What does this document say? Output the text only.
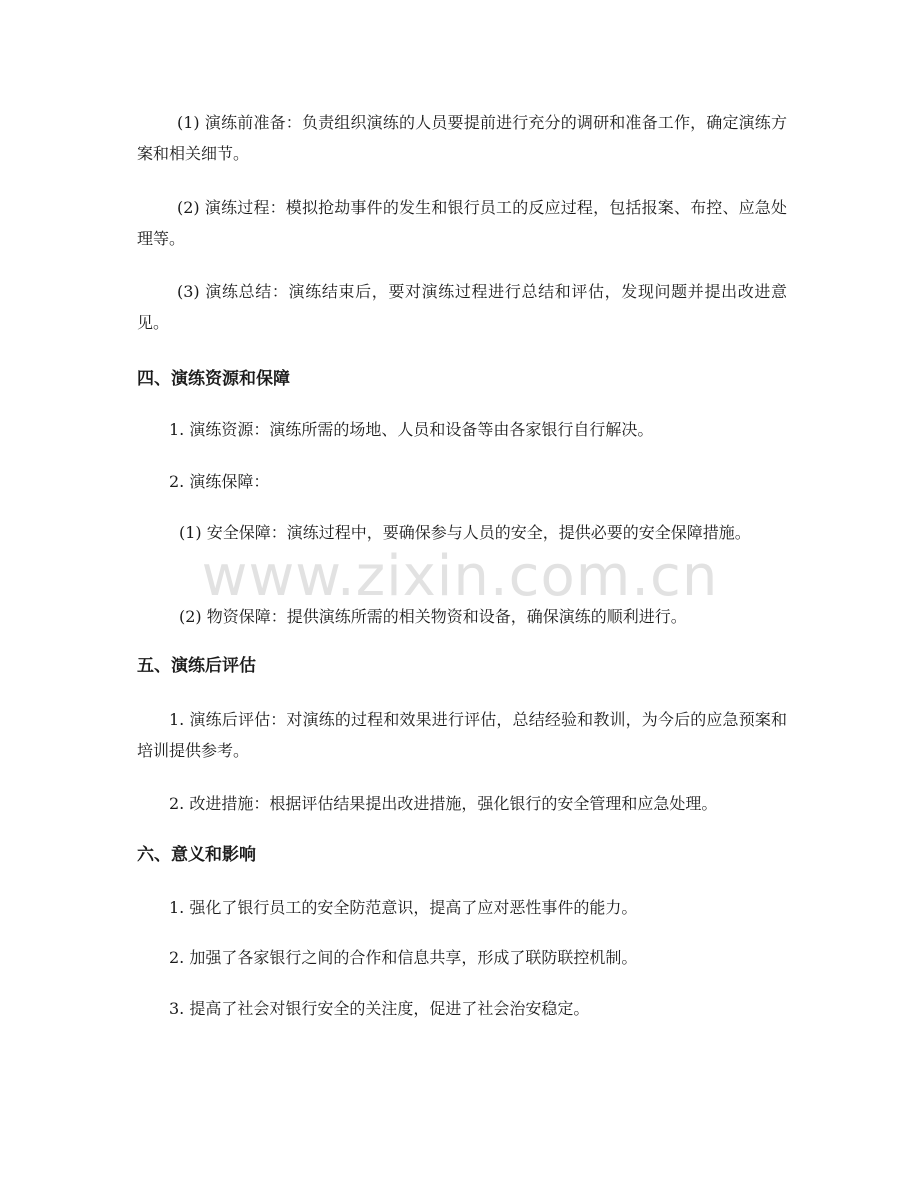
(1) 演练前准备：负责组织演练的人员要提前进行充分的调研和准备工作，确定演练方案和相关细节。

(2) 演练过程：模拟抢劫事件的发生和银行员工的反应过程，包括报案、布控、应急处理等。

(3) 演练总结：演练结束后，要对演练过程进行总结和评估，发现问题并提出改进意见。

四、演练资源和保障

1. 演练资源：演练所需的场地、人员和设备等由各家银行自行解决。

2. 演练保障：

(1) 安全保障：演练过程中，要确保参与人员的安全，提供必要的安全保障措施。

(2) 物资保障：提供演练所需的相关物资和设备，确保演练的顺利进行。

五、演练后评估

1. 演练后评估：对演练的过程和效果进行评估，总结经验和教训，为今后的应急预案和培训提供参考。

2. 改进措施：根据评估结果提出改进措施，强化银行的安全管理和应急处理。

六、意义和影响

1. 强化了银行员工的安全防范意识，提高了应对恶性事件的能力。

2. 加强了各家银行之间的合作和信息共享，形成了联防联控机制。

3. 提高了社会对银行安全的关注度，促进了社会治安稳定。

www.zixin.com.cn
